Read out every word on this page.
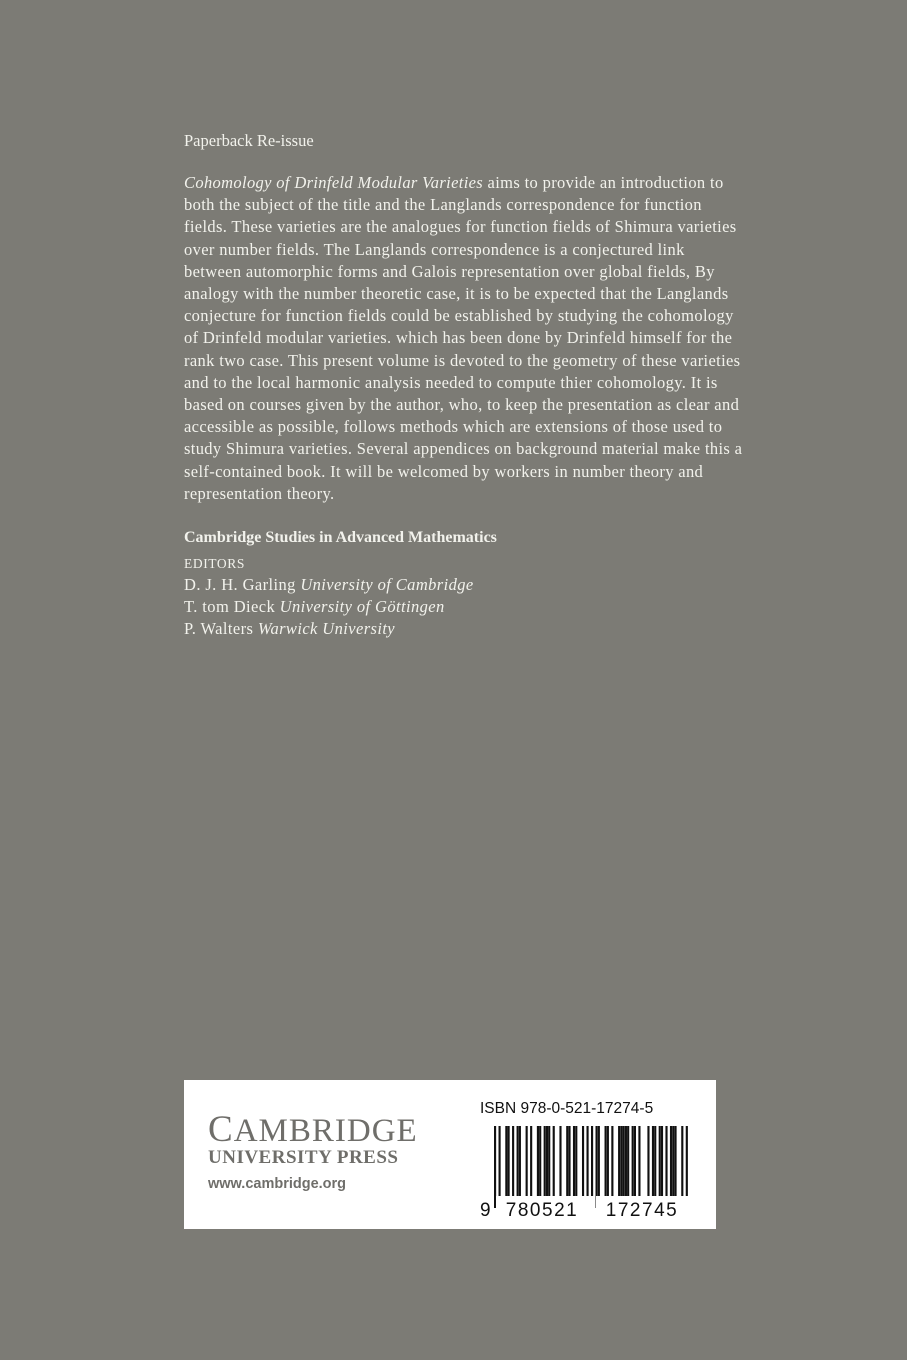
Paperback Re-issue

Cohomology of Drinfeld Modular Varieties aims to provide an introduction to both the subject of the title and the Langlands correspondence for function fields. These varieties are the analogues for function fields of Shimura varieties over number fields. The Langlands correspondence is a conjectured link between automorphic forms and Galois representation over global fields, By analogy with the number theoretic case, it is to be expected that the Langlands conjecture for function fields could be established by studying the cohomology of Drinfeld modular varieties. which has been done by Drinfeld himself for the rank two case. This present volume is devoted to the geometry of these varieties and to the local harmonic analysis needed to compute thier cohomology. It is based on courses given by the author, who, to keep the presentation as clear and accessible as possible, follows methods which are extensions of those used to study Shimura varieties. Several appendices on background material make this a self-contained book. It will be welcomed by workers in number theory and representation theory.

Cambridge Studies in Advanced Mathematics

EDITORS

D. J. H. Garling University of Cambridge

T. tom Dieck University of Göttingen

P. Walters Warwick University

CAMBRIDGE

UNIVERSITY PRESS

www.cambridge.org

ISBN 978-0-521-17274-5

9 780521 172745
